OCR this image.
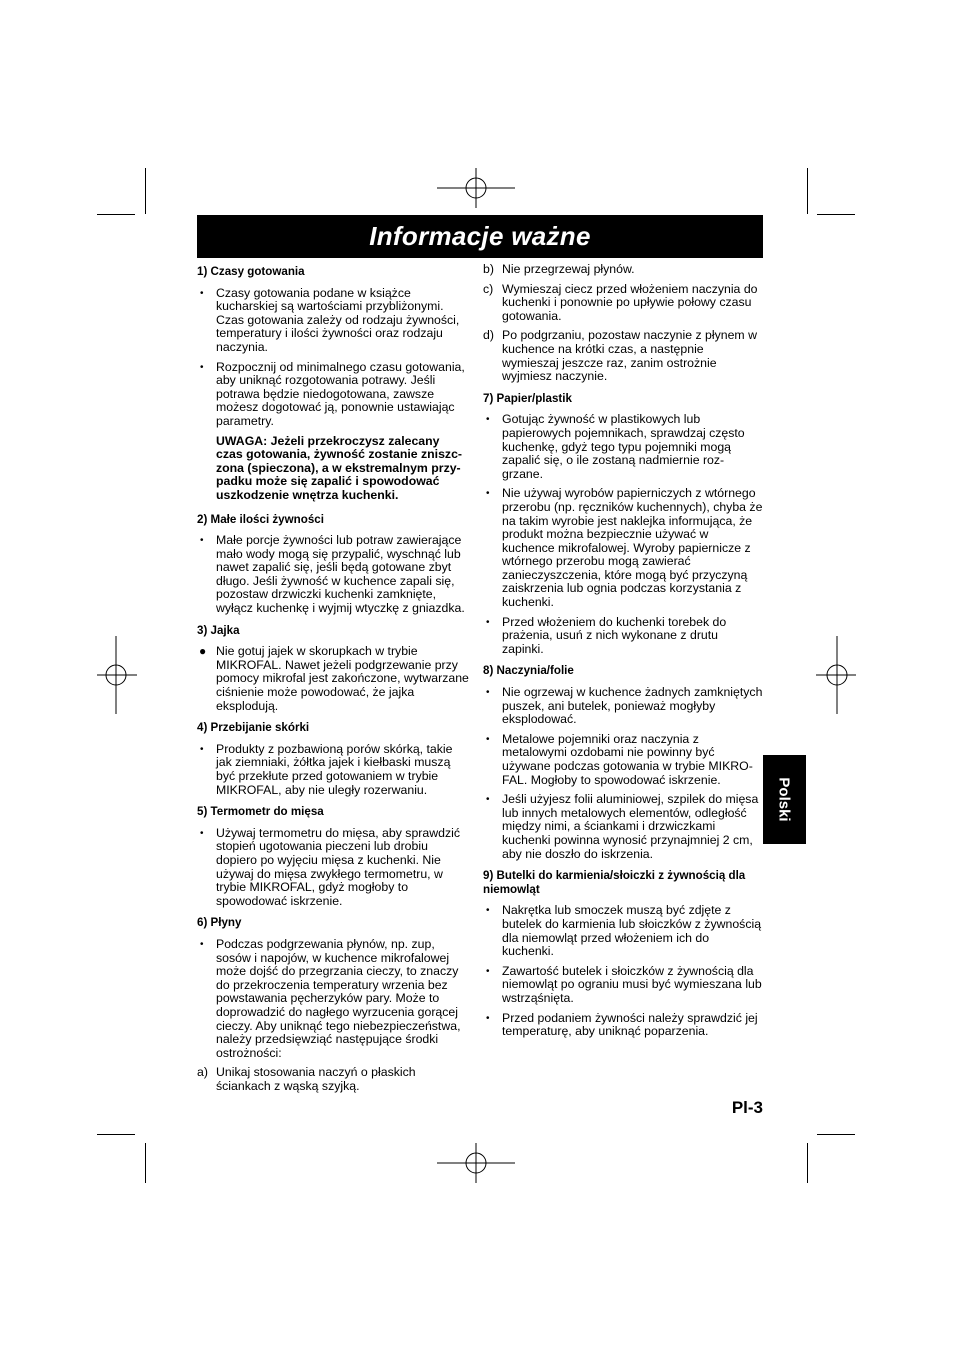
Informacje ważne
1) Czasy gotowania
• Czasy gotowania podane w książce kucharskiej są wartościami przybliżonymi. Czas gotowania zależy od rodzaju żywności, temperatury i ilości żywności oraz rodzaju naczynia.
• Rozpocznij od minimalnego czasu gotowania, aby uniknąć rozgotowania potrawy. Jeśli potrawa będzie niedogotowana, zawsze możesz dogotować ją, ponownie ustawiając parametry.
UWAGA: Jeżeli przekroczysz zalecany czas gotowania, żywność zostanie zniszc-zona (spieczona), a w ekstremalnym przy-padku może się zapalić i spowodować uszkodzenie wnętrza kuchenki.
2) Małe ilości żywności
• Małe porcje żywności lub potraw zawierające mało wody mogą się przypalić, wyschnąć lub nawet zapalić się, jeśli będą gotowane zbyt długo. Jeśli żywność w kuchence zapali się, pozostaw drzwiczki kuchenki zamknięte, wyłącz kuchenkę i wyjmij wtyczkę z gniazdka.
3) Jajka
● Nie gotuj jajek w skorupkach w trybie MIKROFAL. Nawet jeżeli podgrzewanie przy pomocy mikrofal jest zakończone, wytwarzane ciśnienie może powodować, że jajka eksplodują.
4) Przebijanie skórki
• Produkty z pozbawioną porów skórką, takie jak ziemniaki, żółtka jajek i kiełbaski muszą być przekłute przed gotowaniem w trybie MIKROFAL, aby nie uległy rozerwaniu.
5) Termometr do mięsa
• Używaj termometru do mięsa, aby sprawdzić stopień ugotowania pieczeni lub drobiu dopiero po wyjęciu mięsa z kuchenki. Nie używaj do mięsa zwykłego termometru, w trybie MIKROFAL, gdyż mogłoby to spowodować iskrzenie.
6) Płyny
• Podczas podgrzewania płynów, np. zup, sosów i napojów, w kuchence mikrofalowej może dojść do przegrzania cieczy, to znaczy do przekroczenia temperatury wrzenia bez powstawania pęcherzyków pary. Może to doprowadzić do nagłego wyrzucenia gorącej cieczy. Aby uniknąć tego niebezpieczeństwa, należy przedsięwziąć następujące środki ostrożności:
a) Unikaj stosowania naczyń o płaskich ściankach z wąską szyjką.
b) Nie przegrzewaj płynów.
c) Wymieszaj ciecz przed włożeniem naczynia do kuchenki i ponownie po upływie połowy czasu gotowania.
d) Po podgrzaniu, pozostaw naczynie z płynem w kuchence na krótki czas, a następnie wymieszaj jeszcze raz, zanim ostrożnie wyjmiesz naczynie.
7) Papier/plastik
• Gotując żywność w plastikowych lub papierowych pojemnikach, sprawdzaj często kuchenkę, gdyż tego typu pojemniki mogą zapalić się, o ile zostaną nadmiernie roz-grzane.
• Nie używaj wyrobów papierniczych z wtórnego przerobu (np. ręczników kuchennych), chyba że na takim wyrobie jest naklejka informująca, że produkt można bezpiecznie używać w kuchence mikrofalowej. Wyroby papiernicze z wtórnego przerobu mogą zawierać zanieczyszczenia, które mogą być przyczyną zaiskrzenia lub ognia podczas korzystania z kuchenki.
• Przed włożeniem do kuchenki torebek do prażenia, usuń z nich wykonane z drutu zapinki.
8) Naczynia/folie
• Nie ogrzewaj w kuchence żadnych zamkniętych puszek, ani butelek, ponieważ mogłyby eksplodować.
• Metalowe pojemniki oraz naczynia z metalowymi ozdobami nie powinny być używane podczas gotowania w trybie MIKRO-FAL. Mogłoby to spowodować iskrzenie.
• Jeśli użyjesz folii aluminiowej, szpilek do mięsa lub innych metalowych elementów, odległość między nimi, a ściankami i drzwiczkami kuchenki powinna wynosić przynajmniej 2 cm, aby nie doszło do iskrzenia.
9) Butelki do karmienia/słoiczki z żywnością dla niemowląt
• Nakrętka lub smoczek muszą być zdjęte z butelek do karmienia lub słoiczków z żywnością dla niemowląt przed włożeniem ich do kuchenki.
• Zawartość butelek i słoiczków z żywnością dla niemowląt po ograniu musi być wymieszana lub wstrząśnięta.
• Przed podaniem żywności należy sprawdzić jej temperaturę, aby uniknąć poparzenia.
Polski
Pl-3
